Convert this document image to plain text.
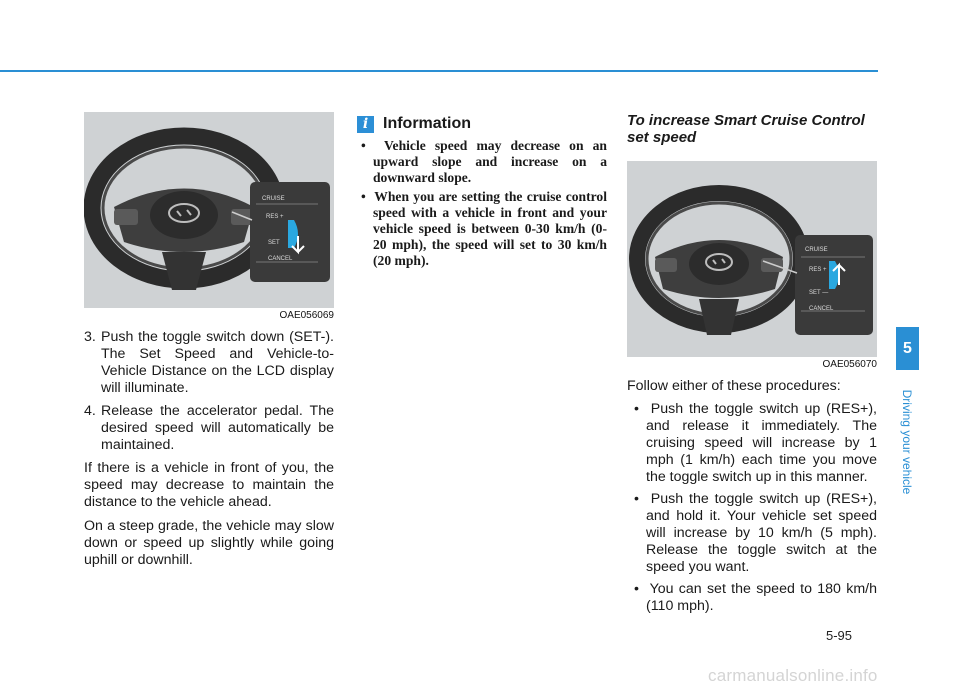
CRUISE
RES +
SET
CANCEL
OAE056069
3. Push the toggle switch down (SET-). The Set Speed and Vehicle-to-Vehicle Distance on the LCD display will illuminate.
4. Release the accelerator pedal. The desired speed will automatically be maintained.

If there is a vehicle in front of you, the speed may decrease to maintain the distance to the vehicle ahead.

On a steep grade, the vehicle may slow down or speed up slightly while going uphill or downhill.

i Information
•  Vehicle speed may decrease on an upward slope and increase on a downward slope.
•  When you are setting the cruise control speed with a vehicle in front and your vehicle speed is between 0-30 km/h (0-20 mph), the speed will set to 30 km/h (20 mph).
To increase Smart Cruise Control set speed
CRUISE
RES +
SET —
CANCEL
OAE056070
Follow either of these procedures:
•  Push the toggle switch up (RES+), and release it immediately. The cruising speed will increase by 1 mph (1 km/h) each time you move the toggle switch up in this manner.
•  Push the toggle switch up (RES+), and hold it. Your vehicle set speed will increase by 10 km/h (5 mph). Release the toggle switch at the speed you want.
•  You can set the speed to 180 km/h (110 mph).
5
Driving your vehicle
5-95
carmanualsonline.info
